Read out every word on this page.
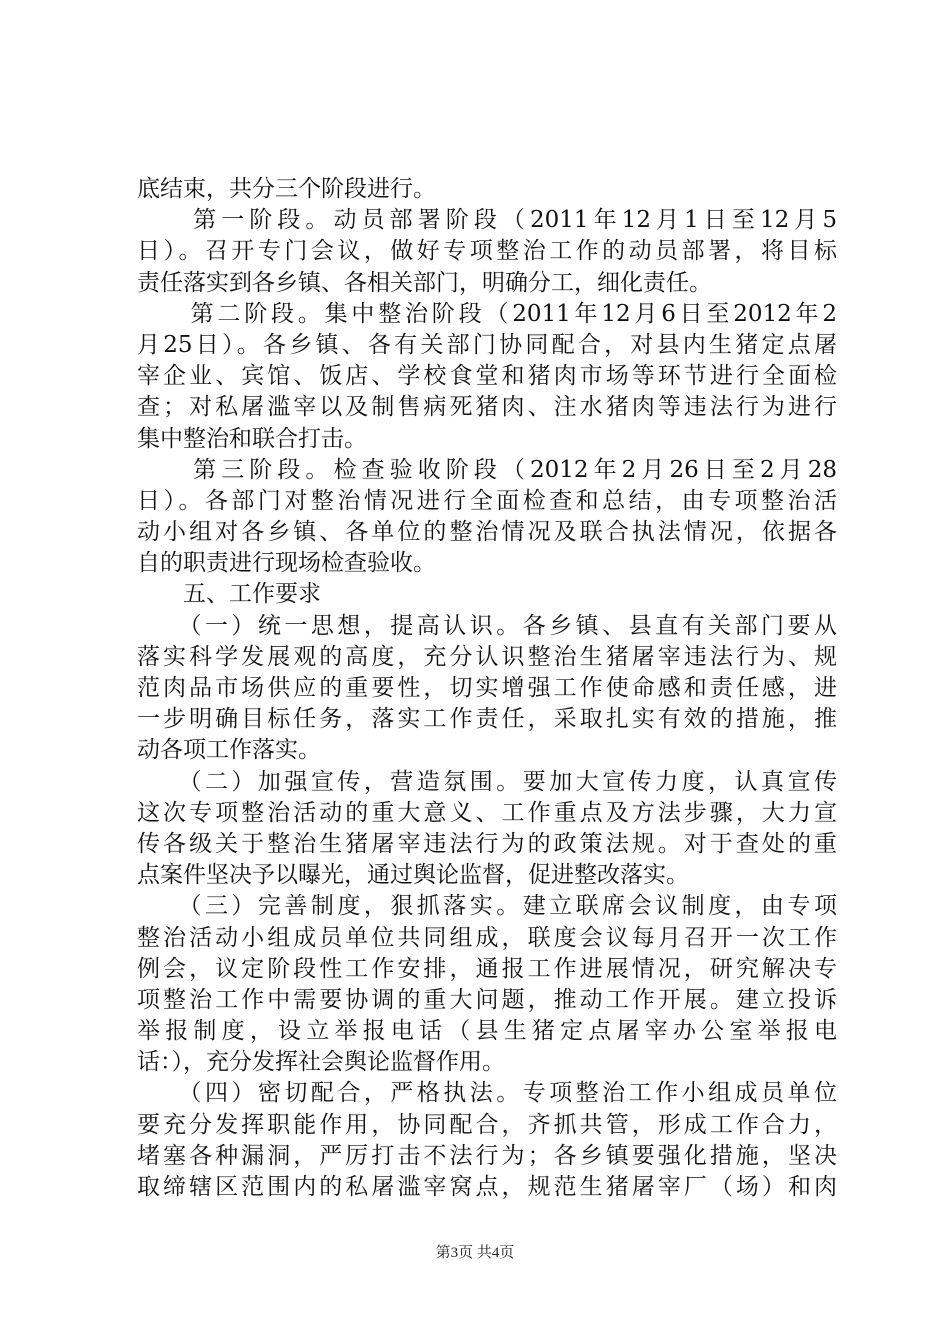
底结束，共分三个阶段进行。
　　第一阶段。动员部署阶段（2011年12月1日至12月5
日）。召开专门会议，做好专项整治工作的动员部署，将目标
责任落实到各乡镇、各相关部门，明确分工，细化责任。
　　第二阶段。集中整治阶段（2011年12月6日至2012年2
月25日）。各乡镇、各有关部门协同配合，对县内生猪定点屠
宰企业、宾馆、饭店、学校食堂和猪肉市场等环节进行全面检
查；对私屠滥宰以及制售病死猪肉、注水猪肉等违法行为进行
集中整治和联合打击。
　　第三阶段。检查验收阶段（2012年2月26日至2月28
日）。各部门对整治情况进行全面检查和总结，由专项整治活
动小组对各乡镇、各单位的整治情况及联合执法情况，依据各
自的职责进行现场检查验收。
　　五、工作要求
　　（一）统一思想，提高认识。各乡镇、县直有关部门要从
落实科学发展观的高度，充分认识整治生猪屠宰违法行为、规
范肉品市场供应的重要性，切实增强工作使命感和责任感，进
一步明确目标任务，落实工作责任，采取扎实有效的措施，推
动各项工作落实。
　　（二）加强宣传，营造氛围。要加大宣传力度，认真宣传
这次专项整治活动的重大意义、工作重点及方法步骤，大力宣
传各级关于整治生猪屠宰违法行为的政策法规。对于查处的重
点案件坚决予以曝光，通过舆论监督，促进整改落实。
　　（三）完善制度，狠抓落实。建立联席会议制度，由专项
整治活动小组成员单位共同组成，联度会议每月召开一次工作
例会，议定阶段性工作安排，通报工作进展情况，研究解决专
项整治工作中需要协调的重大问题，推动工作开展。建立投诉
举报制度，设立举报电话（县生猪定点屠宰办公室举报电
话：），充分发挥社会舆论监督作用。
　　（四）密切配合，严格执法。专项整治工作小组成员单位
要充分发挥职能作用，协同配合，齐抓共管，形成工作合力，
堵塞各种漏洞，严厉打击不法行为；各乡镇要强化措施，坚决
取缔辖区范围内的私屠滥宰窝点，规范生猪屠宰厂（场）和肉
第3页 共4页
